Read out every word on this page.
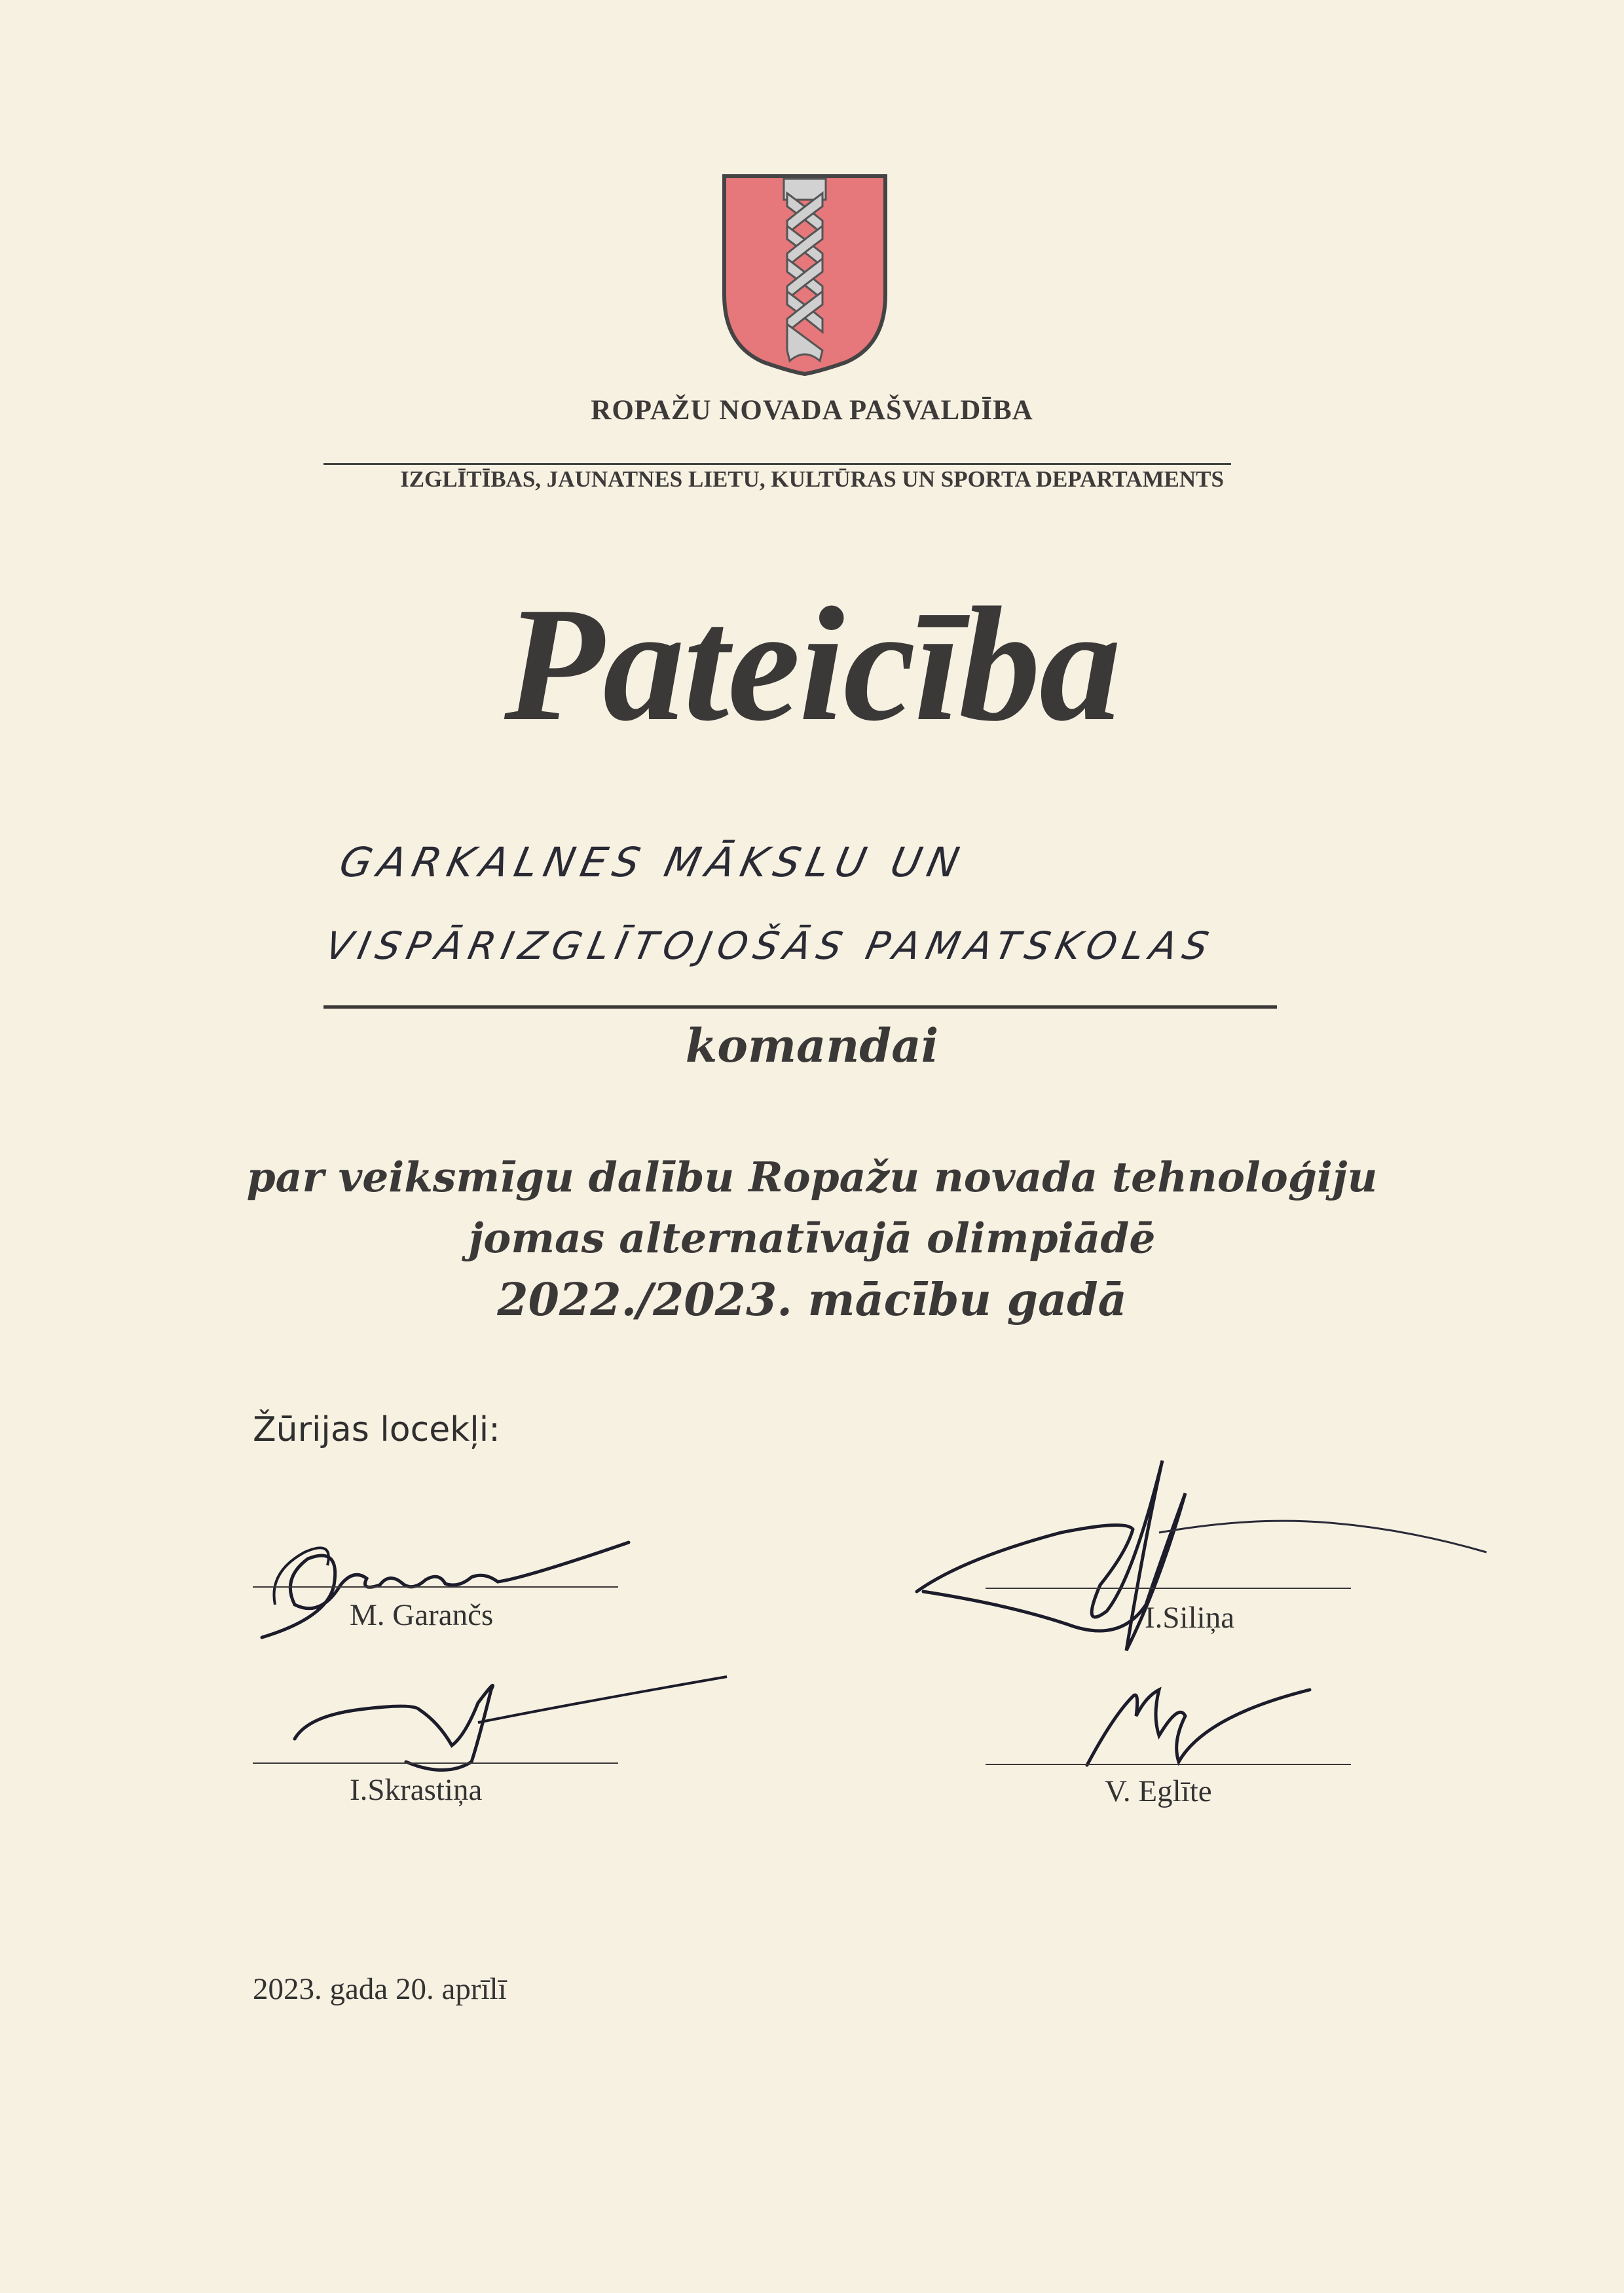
ROPAŽU NOVADA PAŠVALDĪBA
IZGLĪTĪBAS, JAUNATNES LIETU, KULTŪRAS UN SPORTA DEPARTAMENTS
Pateicība
GARKALNES MĀKSLU UN
VISPĀRIZGLĪTOJOŠĀS PAMATSKOLAS
komandai
par veiksmīgu dalību Ropažu novada tehnoloģiju
jomas alternatīvajā olimpiādē
2022./2023. mācību gadā
Žūrijas locekļi:
M. Garančs	I.Siliņa
I.Skrastiņa	V. Eglīte
2023. gada 20. aprīlī
